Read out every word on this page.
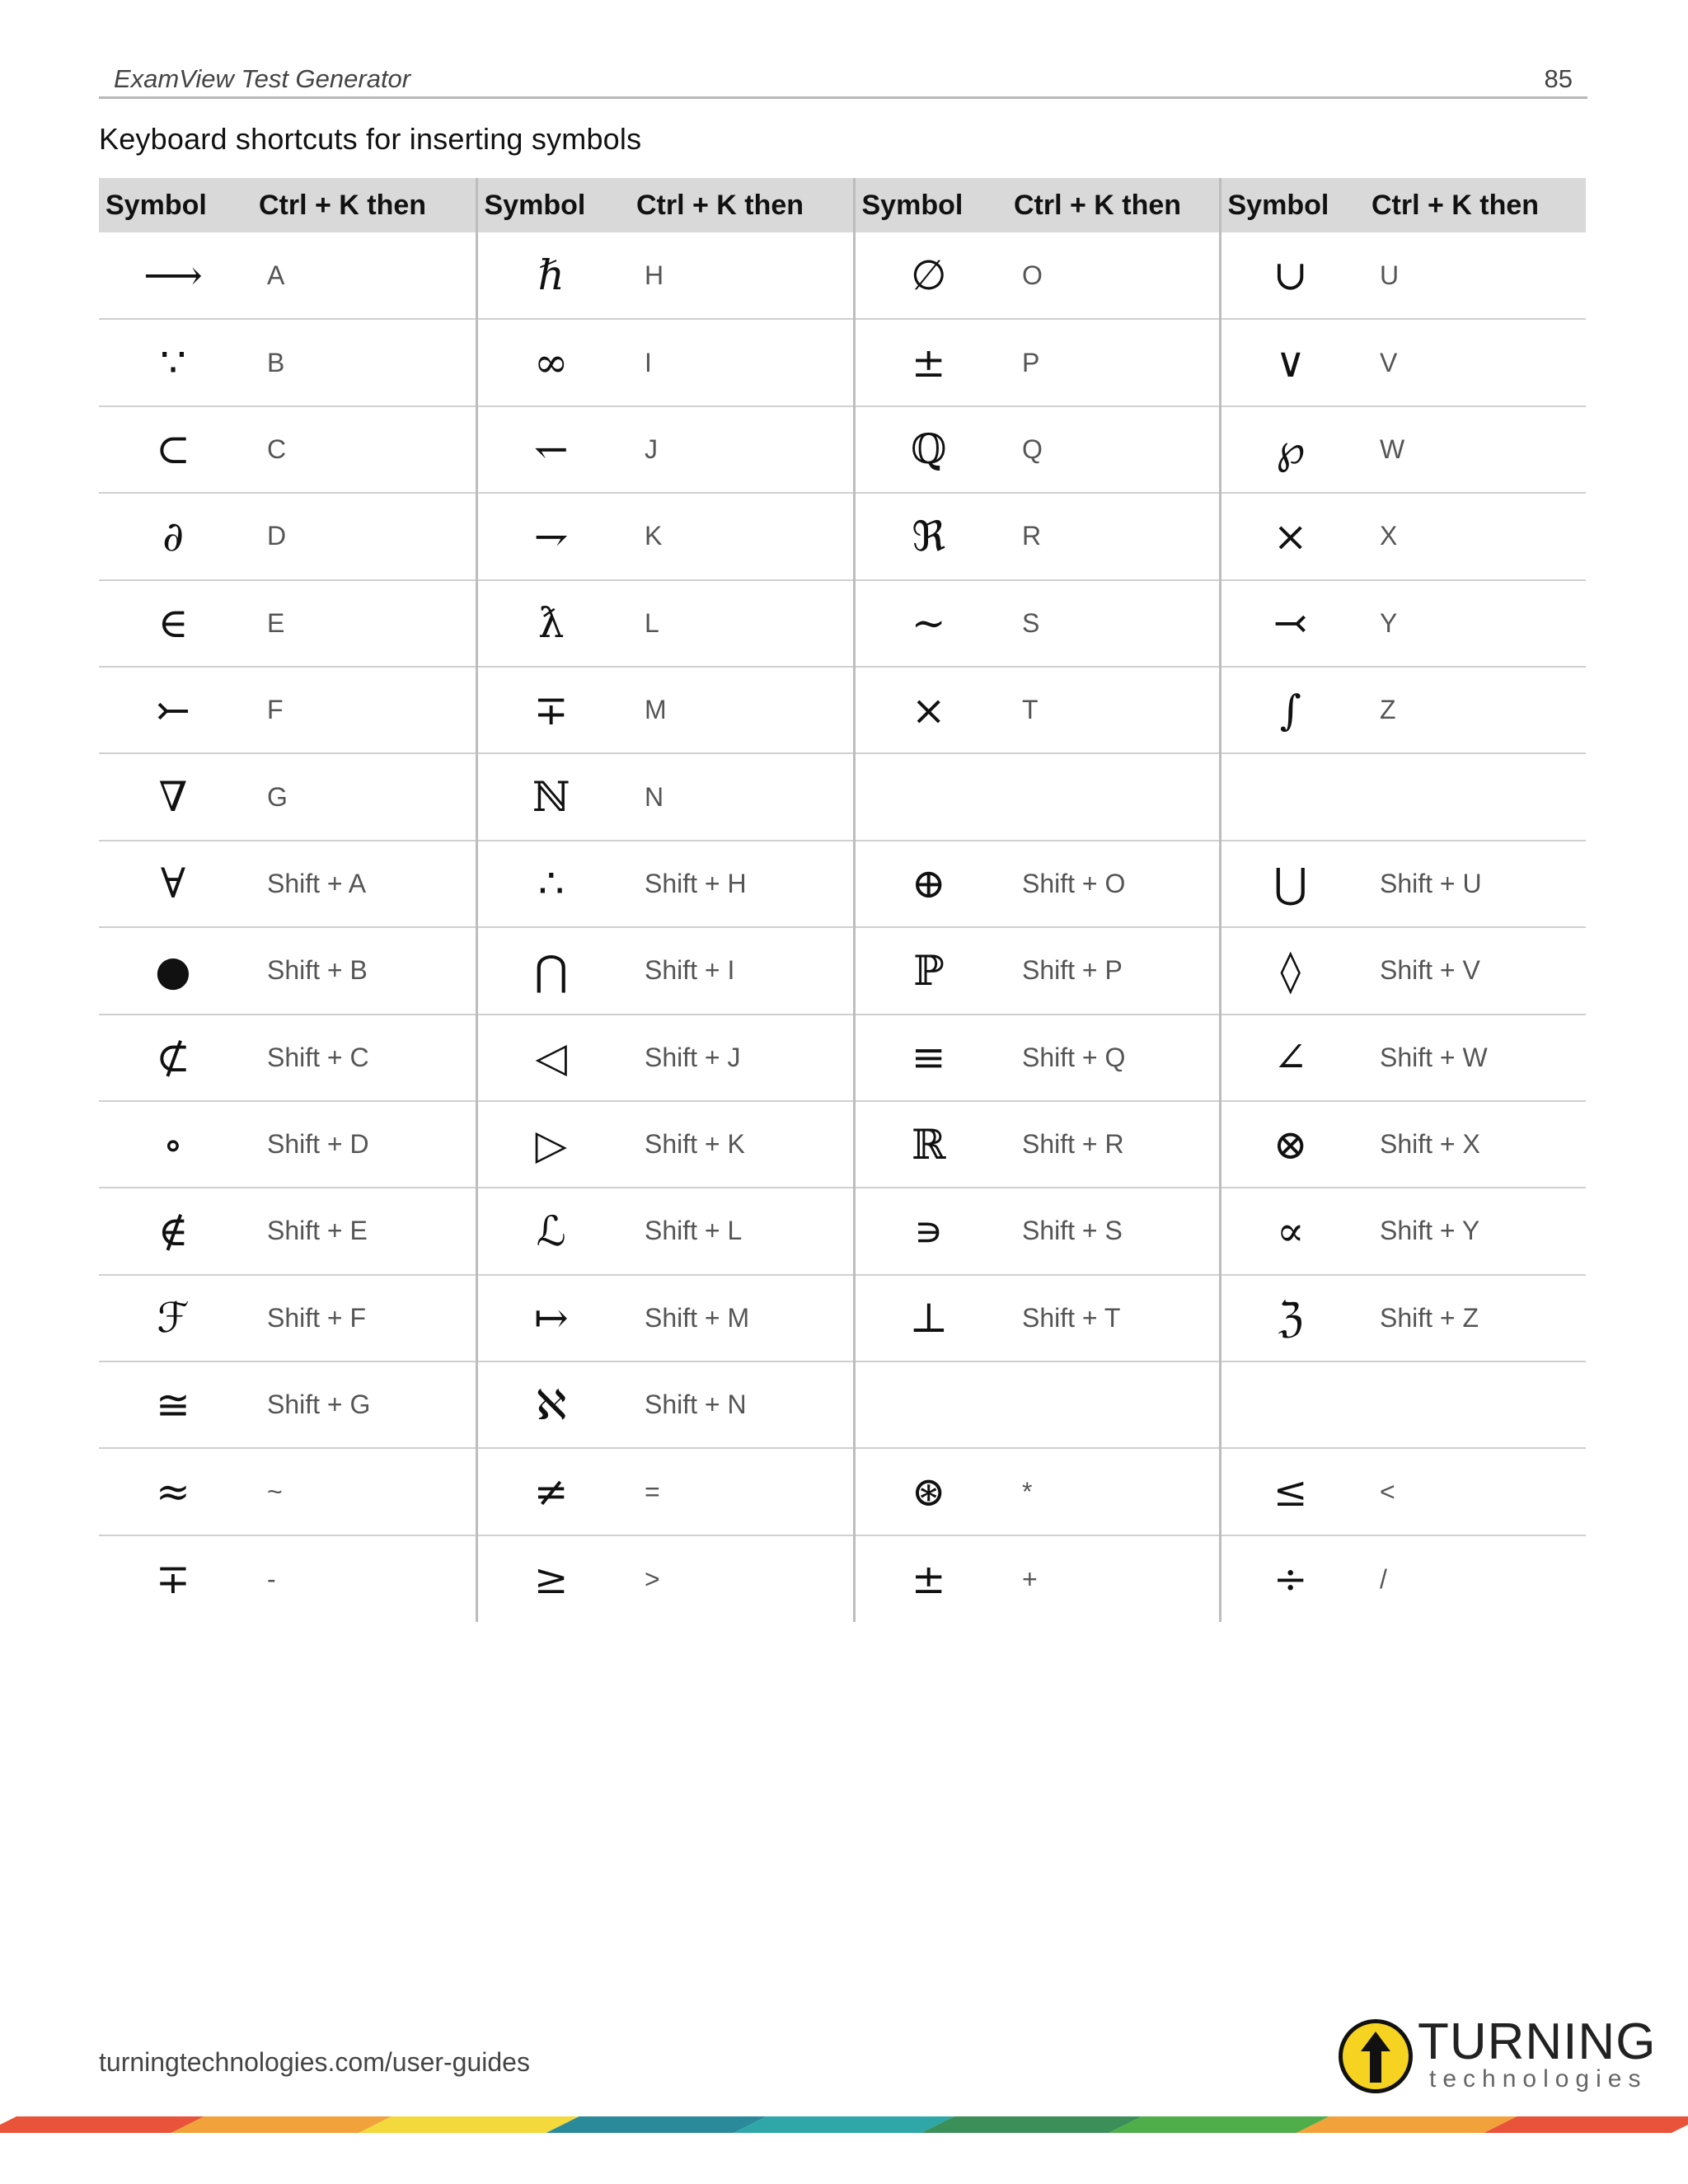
ExamView Test Generator	85
Keyboard shortcuts for inserting symbols
Symbol	Ctrl + K then	Symbol	Ctrl + K then	Symbol	Ctrl + K then	Symbol	Ctrl + K then
⟶	A	ℏ	H	∅	O	∪	U
∵	B	∞	I	±	P	∨	V
⊂	C	↽	J	ℚ	Q	℘	W
∂	D	⇁	K	ℜ	R	×	X
∈	E	ƛ	L	∼	S	⤙	Y
⤚	F	∓	M	×	T	∫	Z
∇	G	ℕ	N				
∀	Shift + A	∴	Shift + H	⊕	Shift + O	⋃	Shift + U
●	Shift + B	⋂	Shift + I	ℙ	Shift + P	◊	Shift + V
⊄	Shift + C	◁	Shift + J	≡	Shift + Q	∠	Shift + W
∘	Shift + D	▷	Shift + K	ℝ	Shift + R	⊗	Shift + X
∉	Shift + E	ℒ	Shift + L	∍	Shift + S	∝	Shift + Y
ℱ	Shift + F	↦	Shift + M	⊥	Shift + T	ℨ	Shift + Z
≅	Shift + G	ℵ	Shift + N				
≈	~	≠	=	⊛	*	≤	<
∓	-	≥	>	±	+	÷	/
turningtechnologies.com/user-guides	TURNING
technologies
